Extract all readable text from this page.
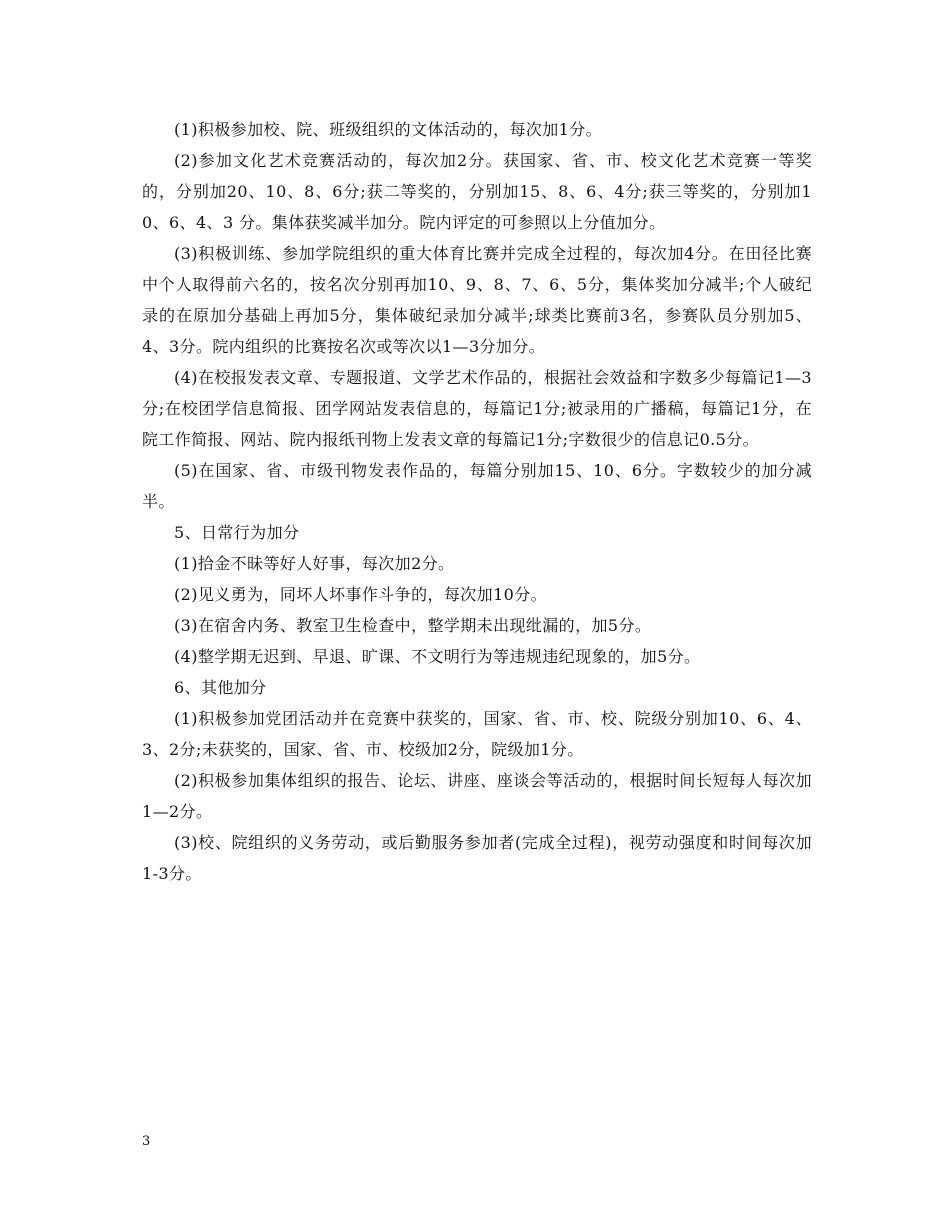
(1)积极参加校、院、班级组织的文体活动的，每次加1分。

(2)参加文化艺术竞赛活动的，每次加2分。获国家、省、市、校文化艺术竞赛一等奖的，分别加20、10、8、6分;获二等奖的，分别加15、8、6、4分;获三等奖的，分别加10、6、4、3 分。集体获奖减半加分。院内评定的可参照以上分值加分。

(3)积极训练、参加学院组织的重大体育比赛并完成全过程的，每次加4分。在田径比赛中个人取得前六名的，按名次分别再加10、9、8、7、6、5分，集体奖加分减半;个人破纪录的在原加分基础上再加5分，集体破纪录加分减半;球类比赛前3名，参赛队员分别加5、4、3分。院内组织的比赛按名次或等次以1—3分加分。

(4)在校报发表文章、专题报道、文学艺术作品的，根据社会效益和字数多少每篇记1—3分;在校团学信息简报、团学网站发表信息的，每篇记1分;被录用的广播稿，每篇记1分，在院工作简报、网站、院内报纸刊物上发表文章的每篇记1分;字数很少的信息记0.5分。

(5)在国家、省、市级刊物发表作品的，每篇分别加15、10、6分。字数较少的加分减半。

5、日常行为加分

(1)拾金不昧等好人好事，每次加2分。

(2)见义勇为，同坏人坏事作斗争的，每次加10分。

(3)在宿舍内务、教室卫生检查中，整学期未出现纰漏的，加5分。

(4)整学期无迟到、早退、旷课、不文明行为等违规违纪现象的，加5分。

6、其他加分

(1)积极参加党团活动并在竞赛中获奖的，国家、省、市、校、院级分别加10、6、4、3、2分;未获奖的，国家、省、市、校级加2分，院级加1分。

(2)积极参加集体组织的报告、论坛、讲座、座谈会等活动的，根据时间长短每人每次加1—2分。

(3)校、院组织的义务劳动，或后勤服务参加者(完成全过程)，视劳动强度和时间每次加1-3分。

3
